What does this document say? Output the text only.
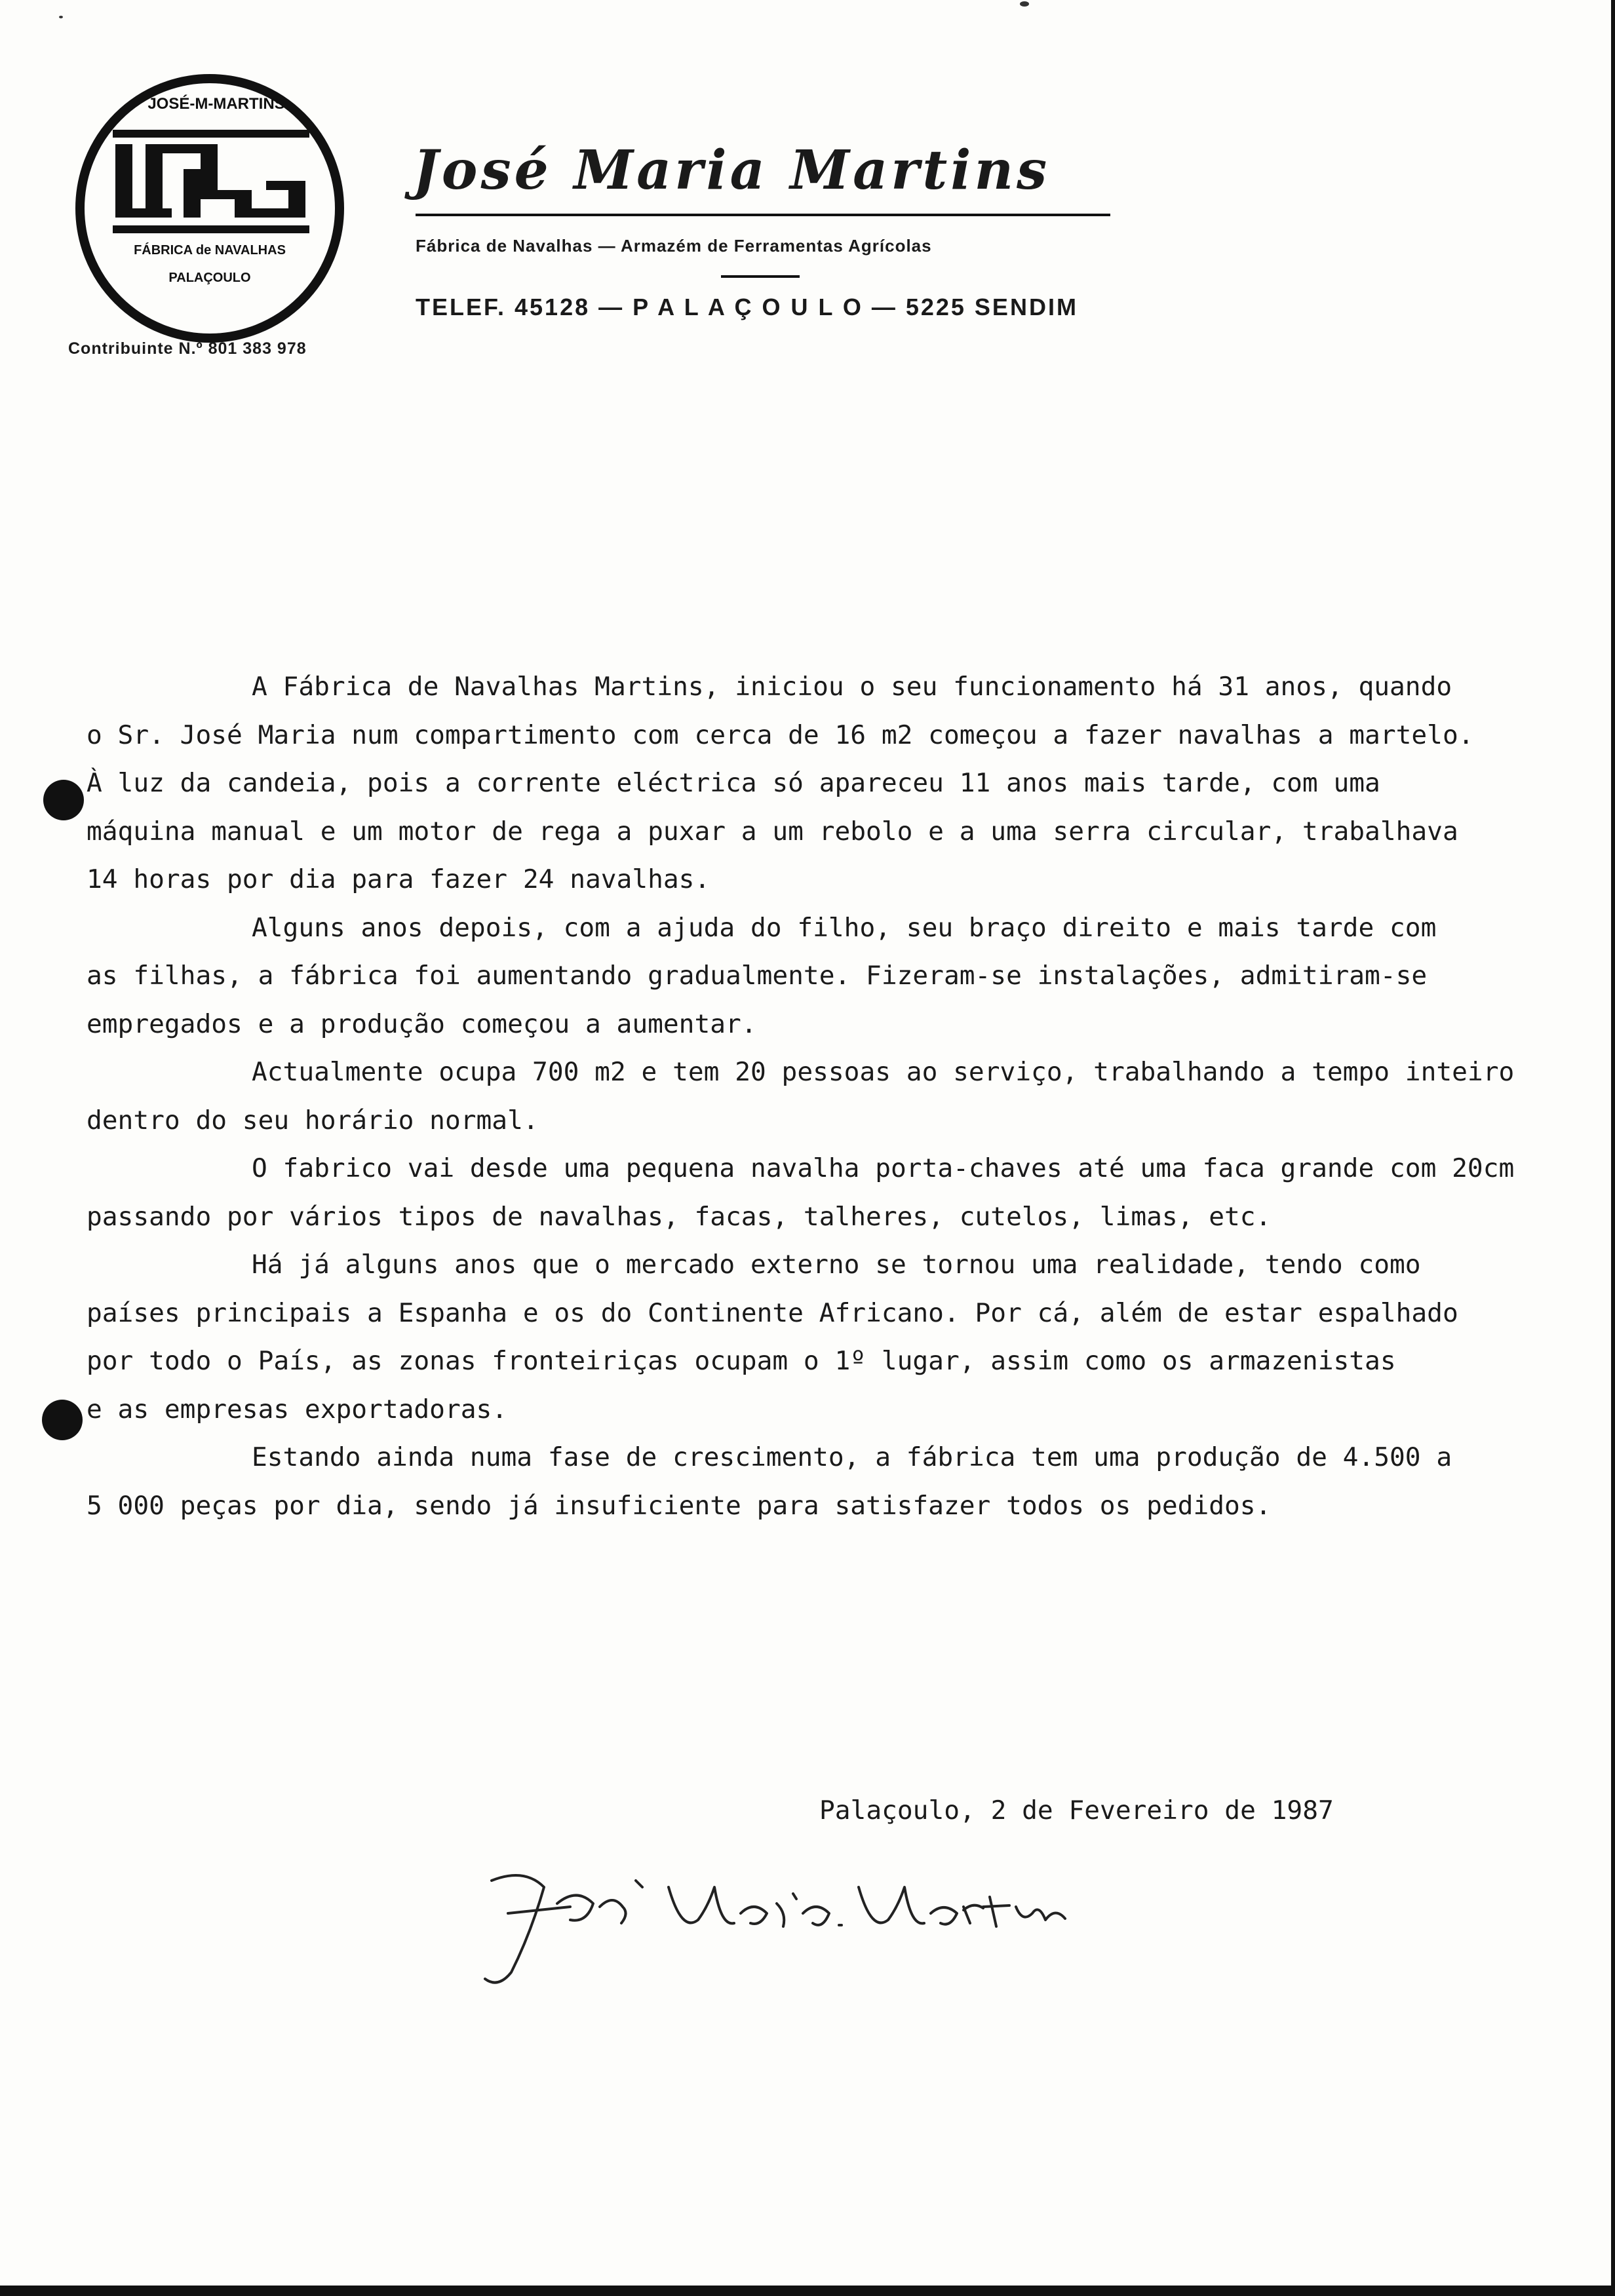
JOSÉ-M-MARTINS
FÁBRICA de NAVALHAS
PALAÇOULO
Contribuinte N.º 801 383 978
José Maria Martins
Fábrica de Navalhas — Armazém de Ferramentas Agrícolas
TELEF. 45128 — P A L A Ç O U L O — 5225 SENDIM
A Fábrica de Navalhas Martins, iniciou o seu funcionamento há 31 anos, quando
o Sr. José Maria num compartimento com cerca de 16 m2 começou a fazer navalhas a martelo.
À luz da candeia, pois a corrente eléctrica só apareceu 11 anos mais tarde, com uma
máquina manual e um motor de rega a puxar a um rebolo e a uma serra circular, trabalhava
14 horas por dia para fazer 24 navalhas.
Alguns anos depois, com a ajuda do filho, seu braço direito e mais tarde com
as filhas, a fábrica foi aumentando gradualmente. Fizeram-se instalações, admitiram-se
empregados e a produção começou a aumentar.
Actualmente ocupa 700 m2 e tem 20 pessoas ao serviço, trabalhando a tempo inteiro
dentro do seu horário normal.
O fabrico vai desde uma pequena navalha porta-chaves até uma faca grande com 20cm
passando por vários tipos de navalhas, facas, talheres, cutelos, limas, etc.
Há já alguns anos que o mercado externo se tornou uma realidade, tendo como
países principais a Espanha e os do Continente Africano. Por cá, além de estar espalhado
por todo o País, as zonas fronteiriças ocupam o 1º lugar, assim como os armazenistas
e as empresas exportadoras.
Estando ainda numa fase de crescimento, a fábrica tem uma produção de 4.500 a
5 000 peças por dia, sendo já insuficiente para satisfazer todos os pedidos.
Palaçoulo, 2 de Fevereiro de 1987
